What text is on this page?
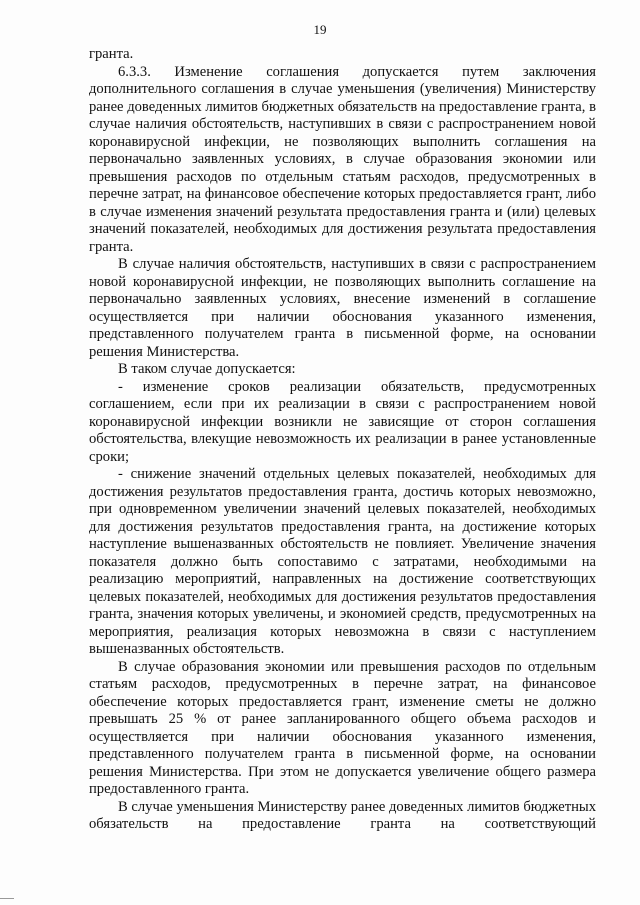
19

гранта.

6.3.3. Изменение соглашения допускается путем заключения дополнительного соглашения в случае уменьшения (увеличения) Министерству ранее доведенных лимитов бюджетных обязательств на предоставление гранта, в случае наличия обстоятельств, наступивших в связи с распространением новой коронавирусной инфекции, не позволяющих выполнить соглашения на первоначально заявленных условиях, в случае образования экономии или превышения расходов по отдельным статьям расходов, предусмотренных в перечне затрат, на финансовое обеспечение которых предоставляется грант, либо в случае изменения значений результата предоставления гранта и (или) целевых значений показателей, необходимых для достижения результата предоставления гранта.

В случае наличия обстоятельств, наступивших в связи с распространением новой коронавирусной инфекции, не позволяющих выполнить соглашение на первоначально заявленных условиях, внесение изменений в соглашение осуществляется при наличии обоснования указанного изменения, представленного получателем гранта в письменной форме, на основании решения Министерства.

В таком случае допускается:

- изменение сроков реализации обязательств, предусмотренных соглашением, если при их реализации в связи с распространением новой коронавирусной инфекции возникли не зависящие от сторон соглашения обстоятельства, влекущие невозможность их реализации в ранее установленные сроки;

- снижение значений отдельных целевых показателей, необходимых для достижения результатов предоставления гранта, достичь которых невозможно, при одновременном увеличении значений целевых показателей, необходимых для достижения результатов предоставления гранта, на достижение которых наступление вышеназванных обстоятельств не повлияет. Увеличение значения показателя должно быть сопоставимо с затратами, необходимыми на реализацию мероприятий, направленных на достижение соответствующих целевых показателей, необходимых для достижения результатов предоставления гранта, значения которых увеличены, и экономией средств, предусмотренных на мероприятия, реализация которых невозможна в связи с наступлением вышеназванных обстоятельств.

В случае образования экономии или превышения расходов по отдельным статьям расходов, предусмотренных в перечне затрат, на финансовое обеспечение которых предоставляется грант, изменение сметы не должно превышать 25 % от ранее запланированного общего объема расходов и осуществляется при наличии обоснования указанного изменения, представленного получателем гранта в письменной форме, на основании решения Министерства. При этом не допускается увеличение общего размера предоставленного гранта.

В случае уменьшения Министерству ранее доведенных лимитов бюджетных обязательств на предоставление гранта на соответствующий
